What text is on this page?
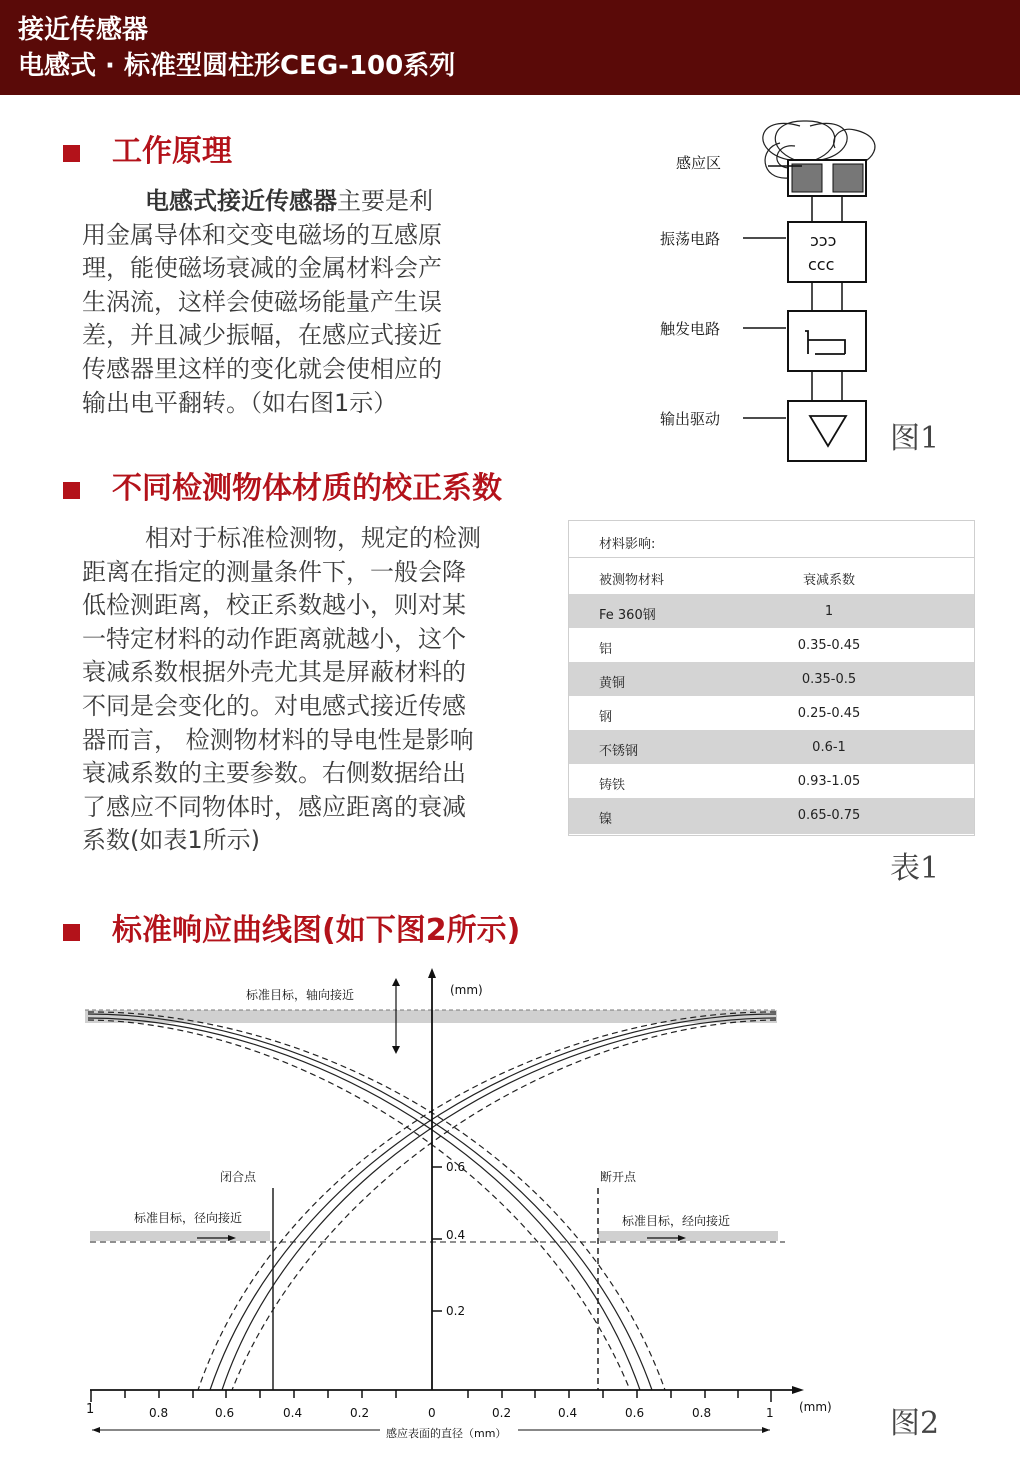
接近传感器
电感式 · 标准型圆柱形CEG-100系列
工作原理
电感式接近传感器主要是利
用金属导体和交变电磁场的互感原
理，能使磁场衰减的金属材料会产
生涡流，这样会使磁场能量产生误
差，并且减少振幅，在感应式接近
传感器里这样的变化就会使相应的
输出电平翻转。（如右图1示）
ↄↄↄ
ccc
感应区
振荡电路
触发电路
输出驱动
图1
不同检测物体材质的校正系数
相对于标准检测物，规定的检测
距离在指定的测量条件下，一般会降
低检测距离，校正系数越小，则对某
一特定材料的动作距离就越小，这个
衰减系数根据外壳尤其是屏蔽材料的
不同是会变化的。对电感式接近传感
器而言， 检测物材料的导电性是影响
衰减系数的主要参数。右侧数据给出
了感应不同物体时，感应距离的衰减
系数(如表1所示)
材料影响:
被测物材料	衰减系数
Fe 360钢	1
铝	0.35-0.45
黄铜	0.35-0.5
钢	0.25-0.45
不锈钢	0.6-1
铸铁	0.93-1.05
镍	0.65-0.75
表1
标准响应曲线图(如下图2所示)
0.6
0.4
0.2
(mm)
1	0.8	0.6	0.4	0.2	0	0.2	0.4	0.6	0.8	1 (mm)
感应表面的直径（mm）
标准目标，轴向接近
闭合点	断开点
标准目标，径向接近	标准目标，经向接近
图2
